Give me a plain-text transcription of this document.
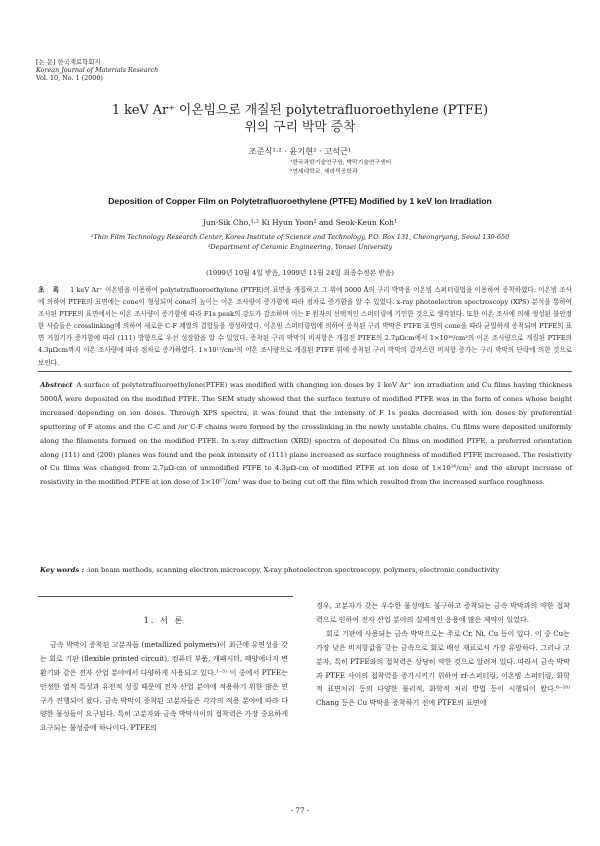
[논 문] 한국재료학회지
Korean Journal of Materials Research
Vol. 10, No. 1 (2000)
1 keV Ar⁺ 이온빔으로 개질된 polytetrafluoroethylene (PTFE)
위의 구리 박막 증착
조준식¹·² · 윤기현² · 고석근¹
¹한국과학기술연구원, 박막기술연구센터
²연세대학교, 세라믹공학과
Deposition of Copper Film on Polytetrafluoroethylene (PTFE) Modified by 1 keV Ion Irradiation
Jun-Sik Cho,¹·² Ki Hyun Yoon² and Seok-Keun Koh¹
¹Thin Film Technology Research Center, Korea Institute of Science and Technology, P.O. Box 131, Cheongryang, Seoul 130-650
²Department of Ceramic Engineering, Yonsei University
(1999년 10월 4일 받음, 1999년 11월 24일 최종수정본 받음)
초 록 1 keV Ar⁺ 이온빔을 이용하여 polytetrafluoroethylene (PTFE)의 표면을 개질하고 그 위에 5000 Å의 구리 박막을 이온빔 스퍼터링법을 이용하여 증착하였다. 이온빔 조사에 의하여 PTFE의 표면에는 cone이 형성되며 cone의 높이는 이온 조사량이 증가함에 따라 점차로 증가함을 알 수 있었다. x-ray photoelectron spectroscopy (XPS) 분석을 통하여 조사된 PTFE의 표면에서는 이온 조사량이 증가함에 따라 F1s peak의 강도가 감소하며 이는 F 원자의 선택적인 스퍼터링에 기인한 것으로 생각된다. 또한 이온 조사에 의해 생성된 불안정한 사슬들은 crosslinking에 의하여 새로운 C-F 계열의 결합들을 생성하였다. 이온빔 스퍼터링법에 의하여 증착된 구리 박막은 PTFE 표면의 cone을 따라 균일하게 증착되며 PTFE의 표면 거칠기가 증가함에 따라 (111) 방향으로 우선 성장함을 알 수 있었다. 증착된 구리 박막의 비저항은 개질전 PTFE의 2.7μΩcm에서 1×10¹⁶/cm²의 이온 조사량으로 개질된 PTFE의 4.3μΩcm까지 이온 조사량에 따라 점차로 증가하였다. 1×10¹⁷/cm²의 이온 조사량으로 개질된 PTFE 위에 증착된 구리 박막의 갑작스런 비저항 증가는 구리 박막의 단락에 의한 것으로 보인다.
Abstract A surface of polytetrafluoroethylene(PTFE) was modified with changing ion doses by 1 keV Ar⁺ ion irradiation and Cu films having thickness 5000Å were deposited on the modified PTFE. The SEM study showed that the surface texture of modified PTFE was in the form of cones whose height increased depending on ion doses. Through XPS spectra, it was found that the intensity of F 1s peaks decreased with ion doses by preferential sputtering of F atoms and the C-C and /or C-F chains were formed by the crosslinking in the newly unstable chains. Cu films were deposited uniformly along the filaments formed on the modified PTFE. In x-ray diffraction (XRD) spectra of deposited Cu films on modified PTFE, a preferred orientation along (111) and (200) planes was found and the peak intensity of (111) plane increased as surface roughness of modified PTFE increased. The resistivity of Cu films was changed from 2.7μΩ-cm of unmodified PTFE to 4.3μΩ-cm of modified PTFE at ion dose of 1×10¹⁶/cm² and the abrupt increase of resistivity in the modified PTFE at ion dose of 1×10¹⁷/cm² was due to being cut off the film which resulted from the increased surface roughness.
Key words : ion beam methods, scanning electron microscopy, X-ray photoelectron spectroscopy, polymers, electronic conductivity
1. 서 론

금속 박막이 증착된 고분자들 (metallized polymers)이 최근에 유연성을 갖는 회로 기판 (flexible printed circuit), 컴퓨터 부품, 캐패시터, 태양에너지 변환기와 같은 전자 산업 분야에서 다양하게 사용되고 있다.¹⁻⁵⁾ 이 중에서 PTFE는 안정한 열적 특성과 유전적 성질 때문에 전자 산업 분야에 적용하기 위한 많은 연구가 진행되어 왔다. 금속 박막이 증착된 고분자들은 각각의 적용 분야에 따라 다양한 물성들이 요구된다. 특히 고분자와 금속 박막사이의 접착력은 가장 중요하게 요구되는 물성중에 하나이다. PTFE의

경우, 고분자가 갖는 우수한 물성에도 불구하고 증착되는 금속 박막과의 약한 접착력으로 인하여 전자 산업 분야의 실제적인 응용에 많은 제약이 있었다.

회로 기판에 사용되는 금속 박막으로는 주로 Cr, Ni, Cu 등이 있다. 이 중 Cu는 가장 낮은 비저항값을 갖는 금속으로 회로 배선 재료로서 가장 유망하다. 그러나 고분자, 특히 PTFE와의 접착력은 상당히 약한 것으로 알려져 있다. 따라서 금속 박막과 PTFE 사이의 접착력을 증가시키기 위하여 rf-스퍼터링, 이온빔 스퍼터링, 화학적 표면처리 등의 다양한 물리적, 화학적 처리 방법 등이 시행되어 왔다.⁶⁻¹⁰⁾ Chang 등은 Cu 박막을 증착하기 전에 PTFE의 표면에

- 77 -
